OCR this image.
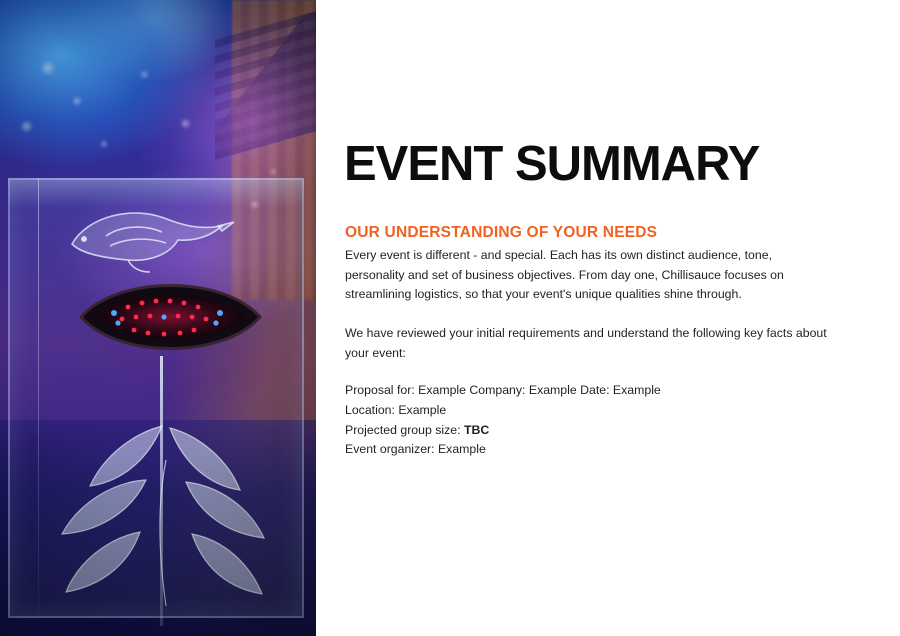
EVENT SUMMARY
OUR UNDERSTANDING OF YOUR NEEDS

Every event is different - and special. Each has its own distinct audience, tone, personality and set of business objectives. From day one, Chillisauce focuses on streamlining logistics, so that your event's unique qualities shine through.

We have reviewed your initial requirements and understand the following key facts about your event:

Proposal for: Example Company: Example Date: Example
Location: Example
Projected group size: TBC
Event organizer: Example
